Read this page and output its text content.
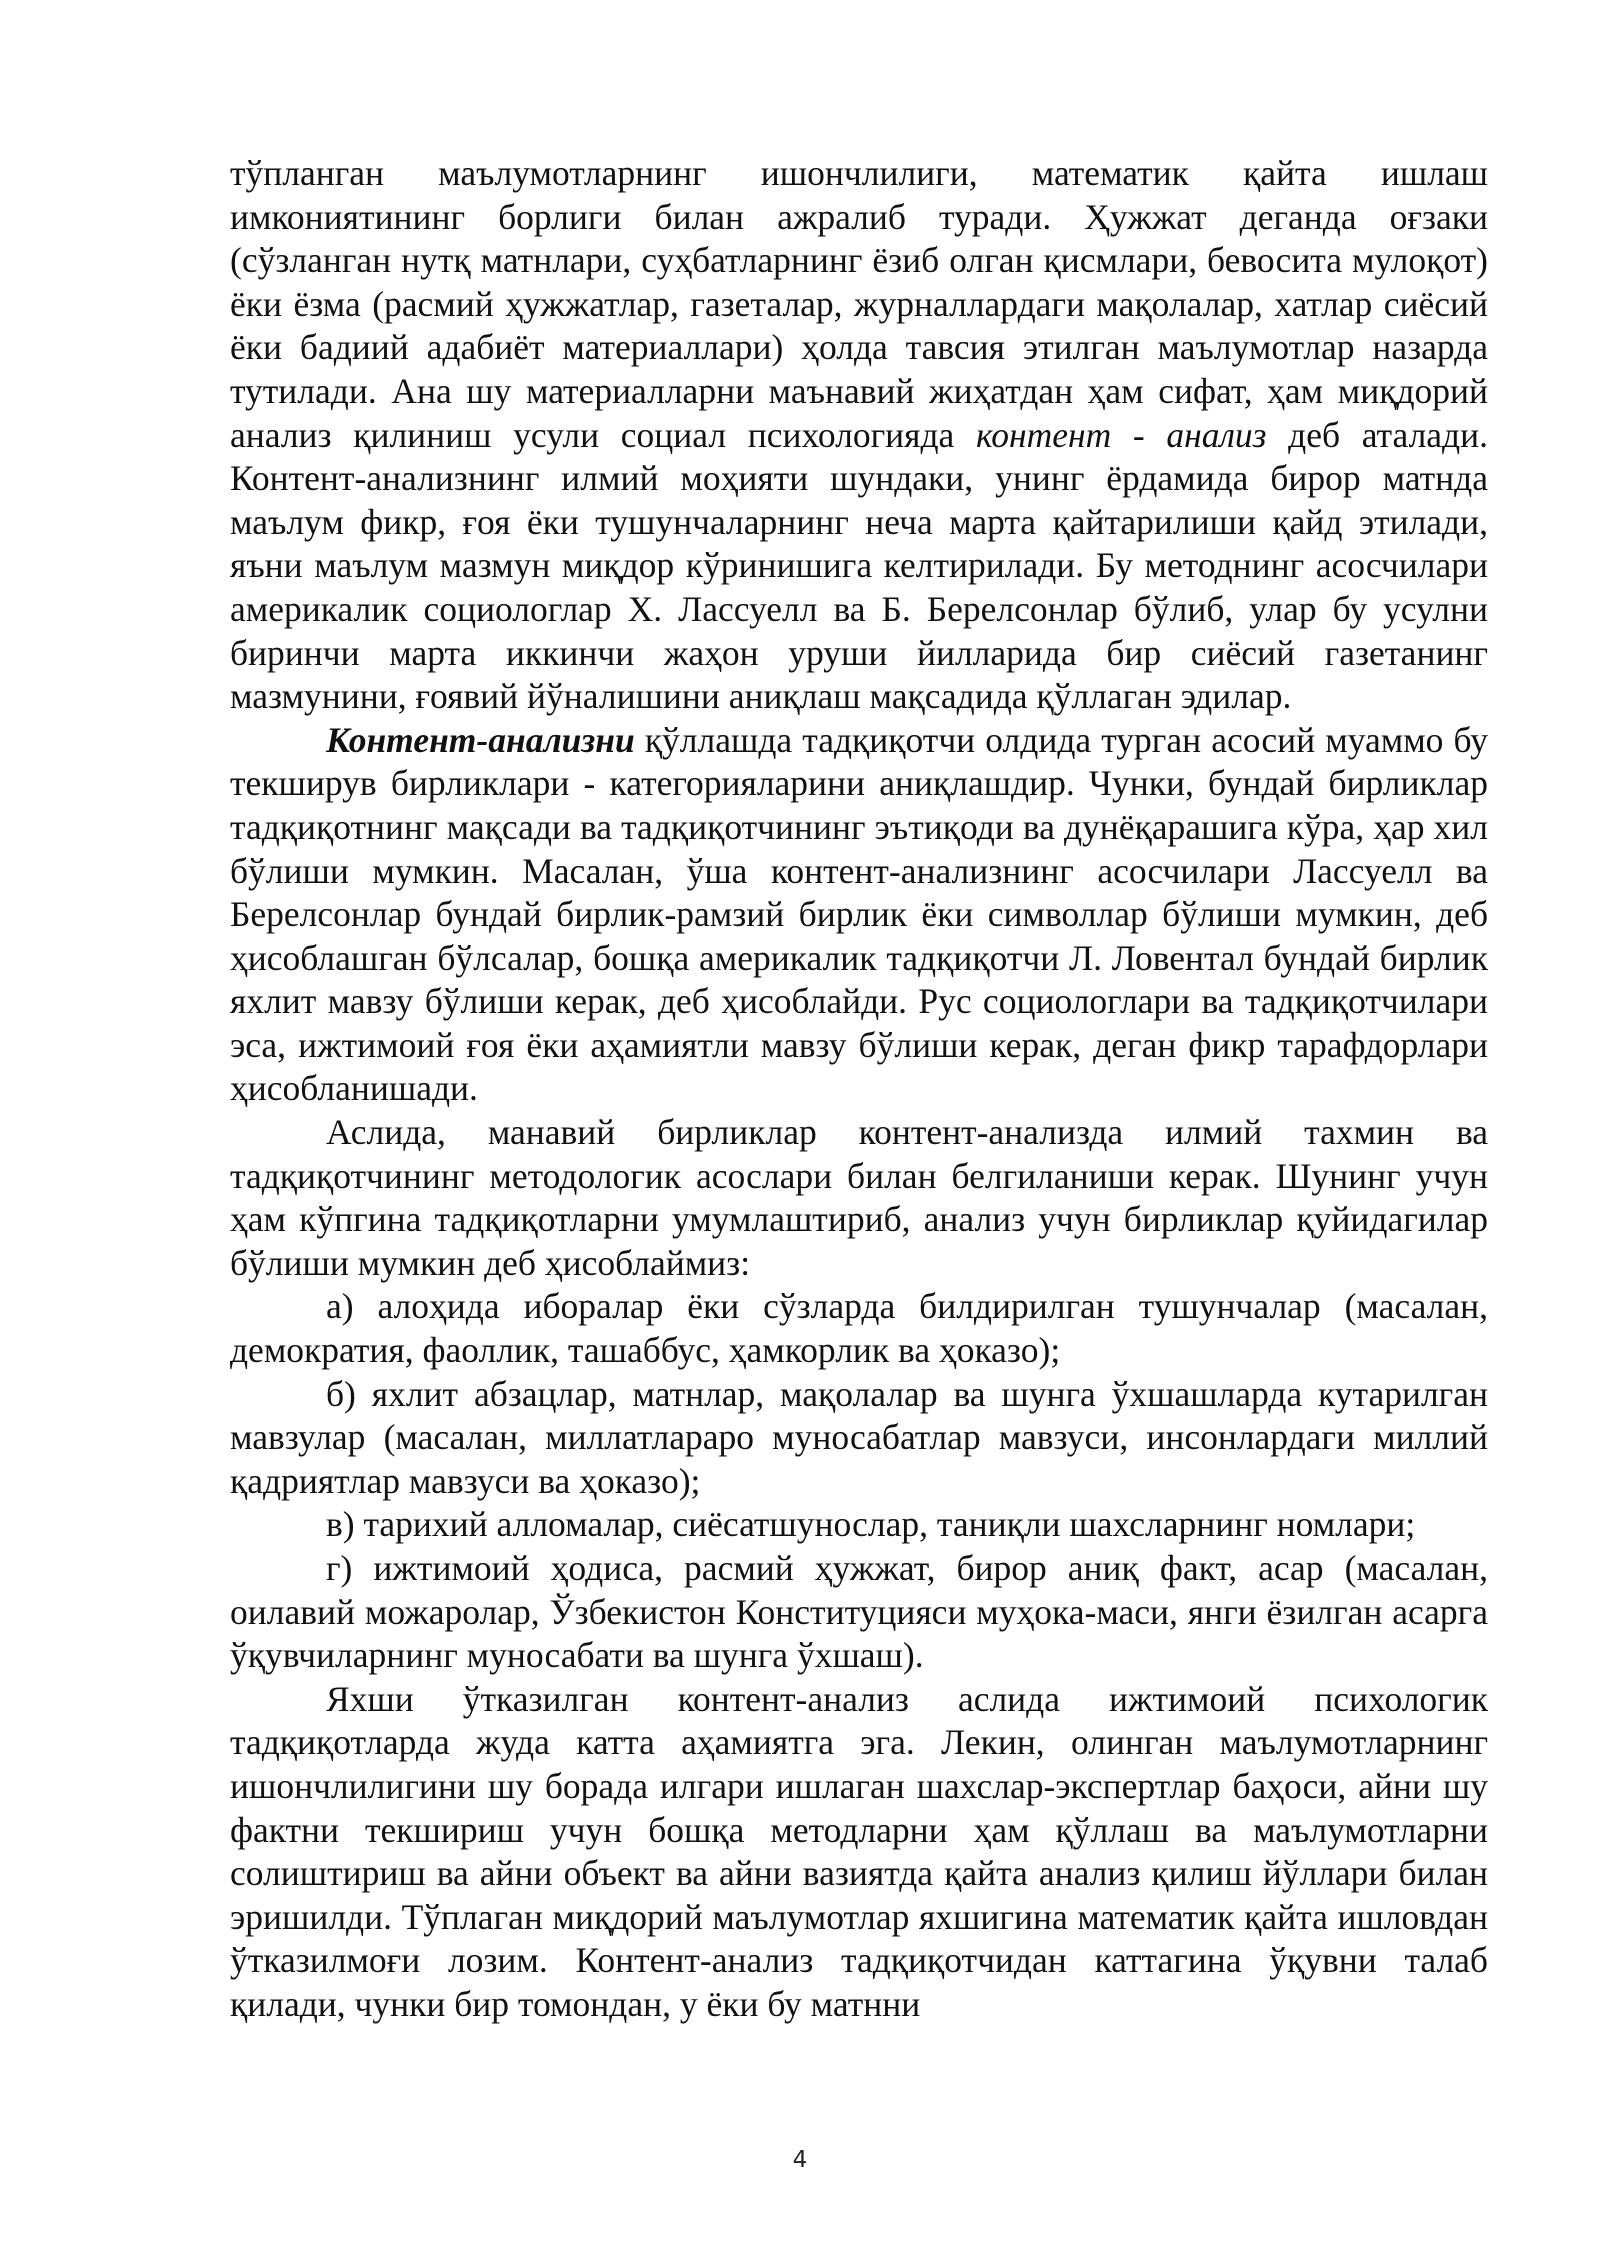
тўпланган маълумотларнинг ишончлилиги, математик қайта ишлаш имкониятининг борлиги билан ажралиб туради. Ҳужжат деганда оғзаки (сўзланган нутқ матнлари, суҳбатларнинг ёзиб олган қисмлари, бевосита мулоқот) ёки ёзма (расмий ҳужжатлар, газеталар, журналлардаги мақолалар, хатлар сиёсий ёки бадиий адабиёт материаллари) ҳолда тавсия этилган маълумотлар назарда тутилади. Ана шу материалларни маънавий жиҳатдан ҳам сифат, ҳам миқдорий анализ қилиниш усули социал психологияда контент - анализ деб аталади. Контент-анализнинг илмий моҳияти шундаки, унинг ёрдамида бирор матнда маълум фикр, ғоя ёки тушунчаларнинг неча марта қайтарилиши қайд этилади, яъни маълум мазмун миқдор кўринишига келтирилади. Бу методнинг асосчилари америкалик социологлар Х. Лассуелл ва Б. Берелсонлар бўлиб, улар бу усулни биринчи марта иккинчи жаҳон уруши йилларида бир сиёсий газетанинг мазмунини, ғоявий йўналишини аниқлаш мақсадида қўллаган эдилар.

Контент-анализни қўллашда тадқиқотчи олдида турган асосий муаммо бу текширув бирликлари - категорияларини аниқлашдир. Чунки, бундай бирликлар тадқиқотнинг мақсади ва тадқиқотчининг эътиқоди ва дунёқарашига кўра, ҳар хил бўлиши мумкин. Масалан, ўша контент-анализнинг асосчилари Лассуелл ва Берелсонлар бундай бирлик-рамзий бирлик ёки символлар бўлиши мумкин, деб ҳисоблашган бўлсалар, бошқа америкалик тадқиқотчи Л. Ловентал бундай бирлик яхлит мавзу бўлиши керак, деб ҳисоблайди. Рус социологлари ва тадқиқотчилари эса, ижтимоий ғоя ёки аҳамиятли мавзу бўлиши керак, деган фикр тарафдорлари ҳисобланишади.

Аслида, манавий бирликлар контент-анализда илмий тахмин ва тадқиқотчининг методологик асослари билан белгиланиши керак. Шунинг учун ҳам кўпгина тадқиқотларни умумлаштириб, анализ учун бирликлар қуйидагилар бўлиши мумкин деб ҳисоблаймиз:

а) алоҳида иборалар ёки сўзларда билдирилган тушунчалар (масалан, демократия, фаоллик, ташаббус, ҳамкорлик ва ҳоказо);

б) яхлит абзацлар, матнлар, мақолалар ва шунга ўхшашларда кутарилган мавзулар (масалан, миллатлараро муносабатлар мавзуси, инсонлардаги миллий қадриятлар мавзуси ва ҳоказо);

в) тарихий алломалар, сиёсатшунослар, таниқли шахсларнинг номлари;

г) ижтимоий ҳодиса, расмий ҳужжат, бирор аниқ факт, асар (масалан, оилавий можаролар, Ўзбекистон Конституцияси муҳока-маси, янги ёзилган асарга ўқувчиларнинг муносабати ва шунга ўхшаш).

Яхши ўтказилган контент-анализ аслида ижтимоий психологик тадқиқотларда жуда катта аҳамиятга эга. Лекин, олинган маълумотларнинг ишончлилигини шу борада илгари ишлаган шахслар-экспертлар баҳоси, айни шу фактни текшириш учун бошқа методларни ҳам қўллаш ва маълумотларни солиштириш ва айни объект ва айни вазиятда қайта анализ қилиш йўллари билан эришилди. Тўплаган миқдорий маълумотлар яхшигина математик қайта ишловдан ўтказилмоғи лозим. Контент-анализ тадқиқотчидан каттагина ўқувни талаб қилади, чунки бир томондан, у ёки бу матнни

4
